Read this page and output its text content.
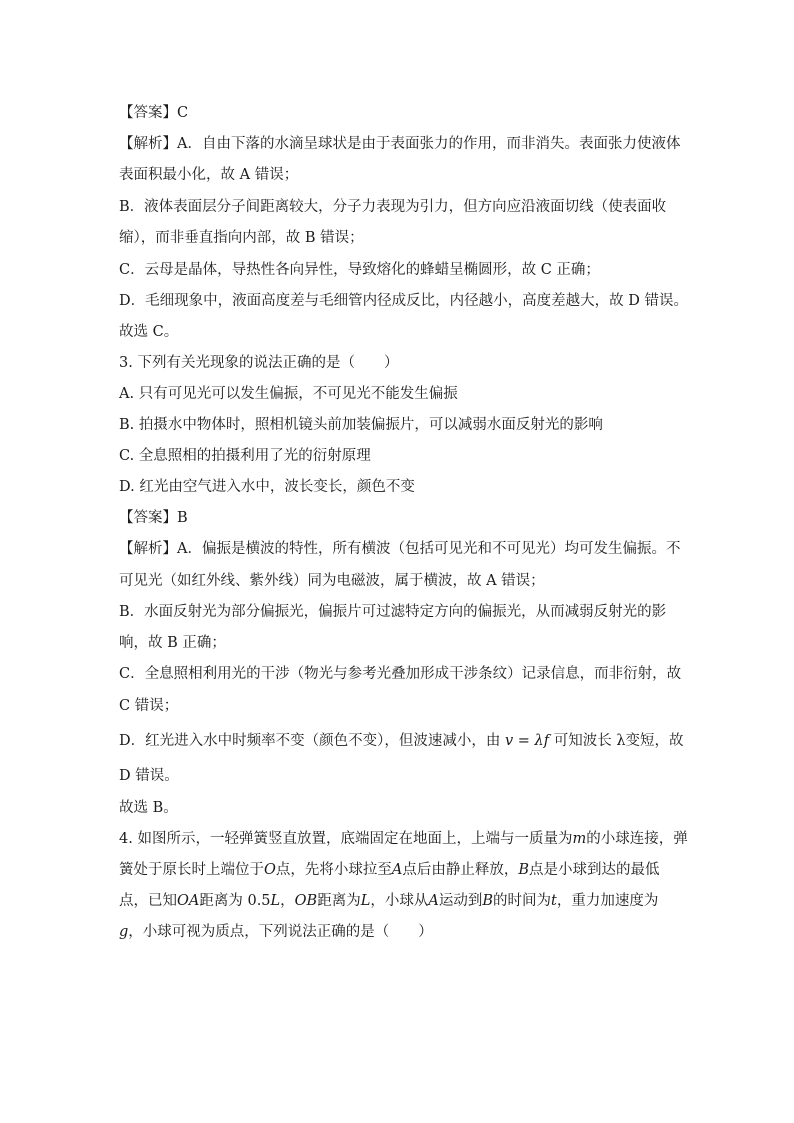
【答案】C
【解析】A．自由下落的水滴呈球状是由于表面张力的作用，而非消失。表面张力使液体
表面积最小化，故 A 错误；
B．液体表面层分子间距离较大，分子力表现为引力，但方向应沿液面切线（使表面收
缩），而非垂直指向内部，故 B 错误；
C．云母是晶体，导热性各向异性，导致熔化的蜂蜡呈椭圆形，故 C 正确；
D．毛细现象中，液面高度差与毛细管内径成反比，内径越小，高度差越大，故 D 错误。
故选 C。
3. 下列有关光现象的说法正确的是（　　）
A. 只有可见光可以发生偏振，不可见光不能发生偏振
B. 拍摄水中物体时，照相机镜头前加装偏振片，可以减弱水面反射光的影响
C. 全息照相的拍摄利用了光的衍射原理
D. 红光由空气进入水中，波长变长，颜色不变
【答案】B
【解析】A．偏振是横波的特性，所有横波（包括可见光和不可见光）均可发生偏振。不
可见光（如红外线、紫外线）同为电磁波，属于横波，故 A 错误；
B．水面反射光为部分偏振光，偏振片可过滤特定方向的偏振光，从而减弱反射光的影
响，故 B 正确；
C．全息照相利用光的干涉（物光与参考光叠加形成干涉条纹）记录信息，而非衍射，故
C 错误；
D．红光进入水中时频率不变（颜色不变），但波速减小，由 v = λf 可知波长 λ变短，故
D 错误。
故选 B。
4. 如图所示，一轻弹簧竖直放置，底端固定在地面上，上端与一质量为m的小球连接，弹
簧处于原长时上端位于O点，先将小球拉至A点后由静止释放，B点是小球到达的最低
点，已知OA距离为 0.5L，OB距离为L，小球从A运动到B的时间为t，重力加速度为
g，小球可视为质点，下列说法正确的是（　　）
